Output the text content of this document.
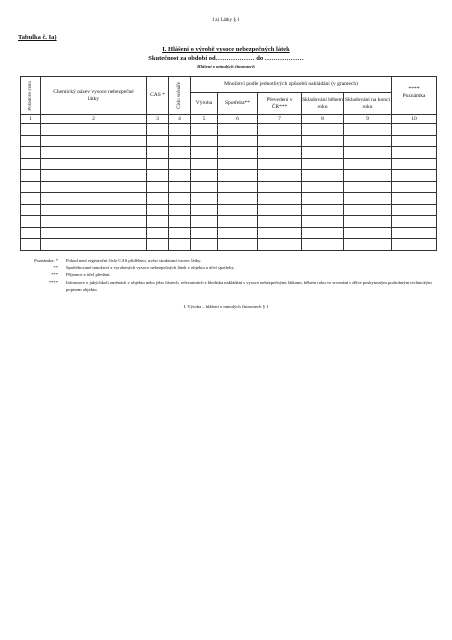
I a) Látky § 1
Tabulka č. Ia)
I. Hlášení o výrobě vysoce nebezpečných látek
Skutečnost za období od……………… do ………………
Hlášení o minulých činnostech
Pořadové číslo	Chemický název vysoce nebezpečné látky	CAS *	Číslo scénáře	Množství podle jednotlivých způsobů nakládání (v gramech)					****
				Výroba	Spotřeba**	Převedení v ČR***	Skladování během roku	Skladování na konci roku	Poznámka
1	2	3	4	5	6	7	8	9	10

Poznámka: *	Pokud není registrační číslo CAS přiděleno, uvést strukturní vzorec látky.
**	Spotřebované množství z vyrobených vysoce nebezpečných látek v objektu a účel spotřeby.
***	Příjemce a účel předání.
****	Informace o jakýchkoli změnách v objektu nebo jeho částech, relevantních z hlediska nakládání s vysoce nebezpečnými látkami, během roku ve srovnání s dříve poskytnutým podrobným technickým popisem objektu.
I. Výroba – hlášení o minulých činnostech § 1
